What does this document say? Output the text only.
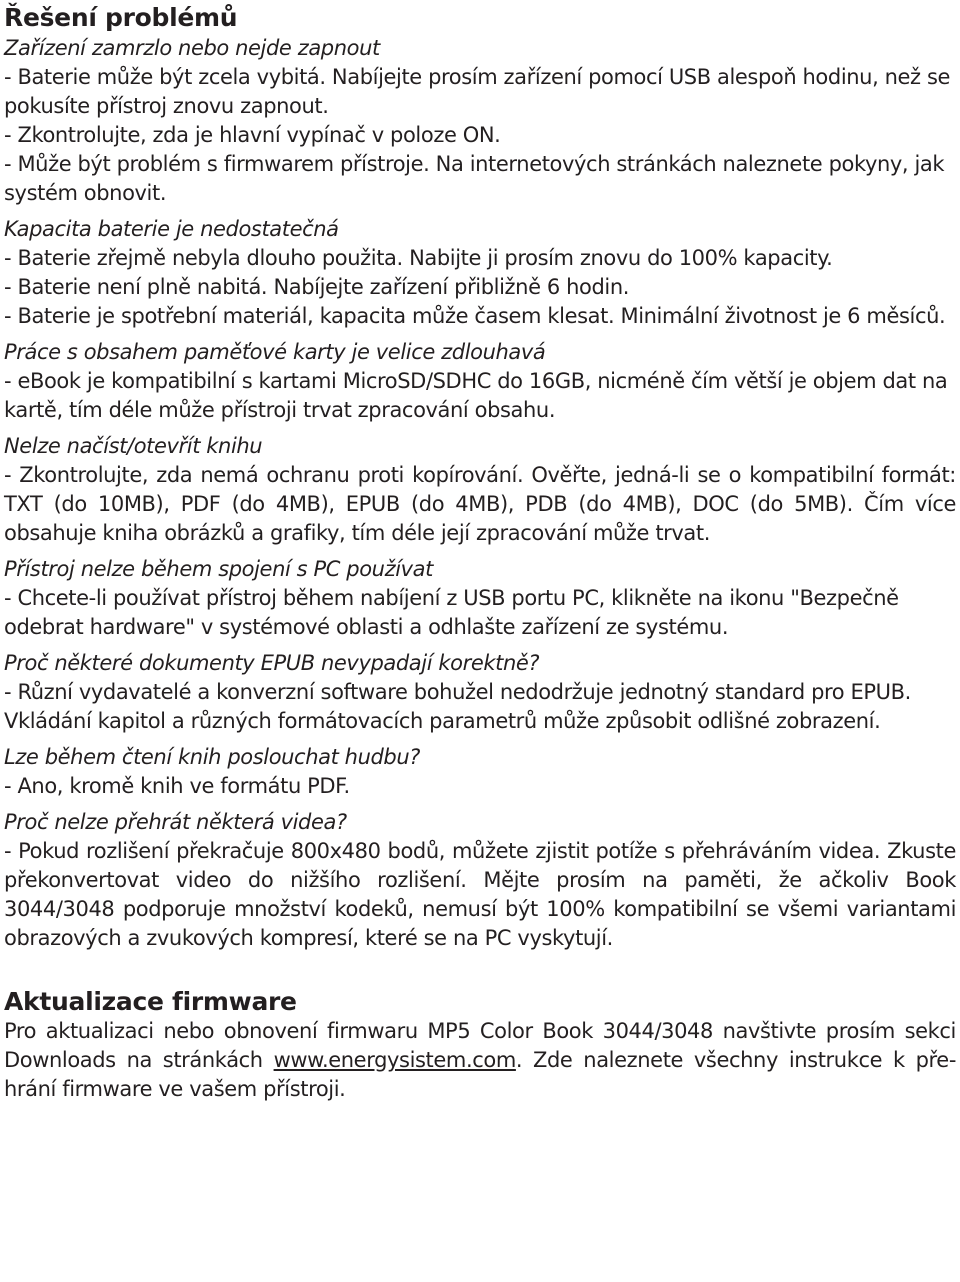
Řešení problémů
Zařízení zamrzlo nebo nejde zapnout
- Baterie může být zcela vybitá. Nabíjejte prosím zařízení pomocí USB alespoň hodinu, než se pokusíte přístroj znovu zapnout.
- Zkontrolujte, zda je hlavní vypínač v poloze ON.
- Může být problém s firmwarem přístroje. Na internetových stránkách naleznete pokyny, jak systém obnovit.
Kapacita baterie je nedostatečná
- Baterie zřejmě nebyla dlouho použita. Nabijte ji prosím znovu do 100% kapacity.
- Baterie není plně nabitá. Nabíjejte zařízení přibližně 6 hodin.
- Baterie je spotřební materiál, kapacita může časem klesat. Minimální životnost je 6 měsíců.
Práce s obsahem paměťové karty je velice zdlouhavá
- eBook je kompatibilní s kartami MicroSD/SDHC do 16GB, nicméně čím větší je objem dat na kartě, tím déle může přístroji trvat zpracování obsahu.
Nelze načíst/otevřít knihu
- Zkontrolujte, zda nemá ochranu proti kopírování. Ověřte, jedná-li se o kompatibilní formát: TXT (do 10MB), PDF (do 4MB), EPUB (do 4MB), PDB (do 4MB), DOC (do 5MB). Čím více obsahuje kniha obrázků a grafiky, tím déle její zpracování může trvat.
Přístroj nelze během spojení s PC používat
- Chcete-li používat přístroj během nabíjení z USB portu PC, klikněte na ikonu "Bezpečně odebrat hardware" v systémové oblasti a odhlašte zařízení ze systému.
Proč některé dokumenty EPUB nevypadají korektně?
- Různí vydavatelé a konverzní software bohužel nedodržuje jednotný standard pro EPUB. Vkládání kapitol a různých formátovacích parametrů může způsobit odlišné zobrazení.
Lze během čtení knih poslouchat hudbu?
- Ano, kromě knih ve formátu PDF.
Proč nelze přehrát některá videa?
- Pokud rozlišení překračuje 800x480 bodů, můžete zjistit potíže s přehráváním videa. Zkuste překonvertovat video do nižšího rozlišení. Mějte prosím na paměti, že ačkoliv Book 3044/3048 podporuje množství kodeků, nemusí být 100% kompatibilní se všemi variantami obrazových a zvukových kompresí, které se na PC vyskytují.
Aktualizace firmware
Pro aktualizaci nebo obnovení firmwaru MP5 Color Book 3044/3048 navštivte prosím sekci Downloads na stránkách www.energysistem.com. Zde naleznete všechny instrukce k pře-hrání firmware ve vašem přístroji.
